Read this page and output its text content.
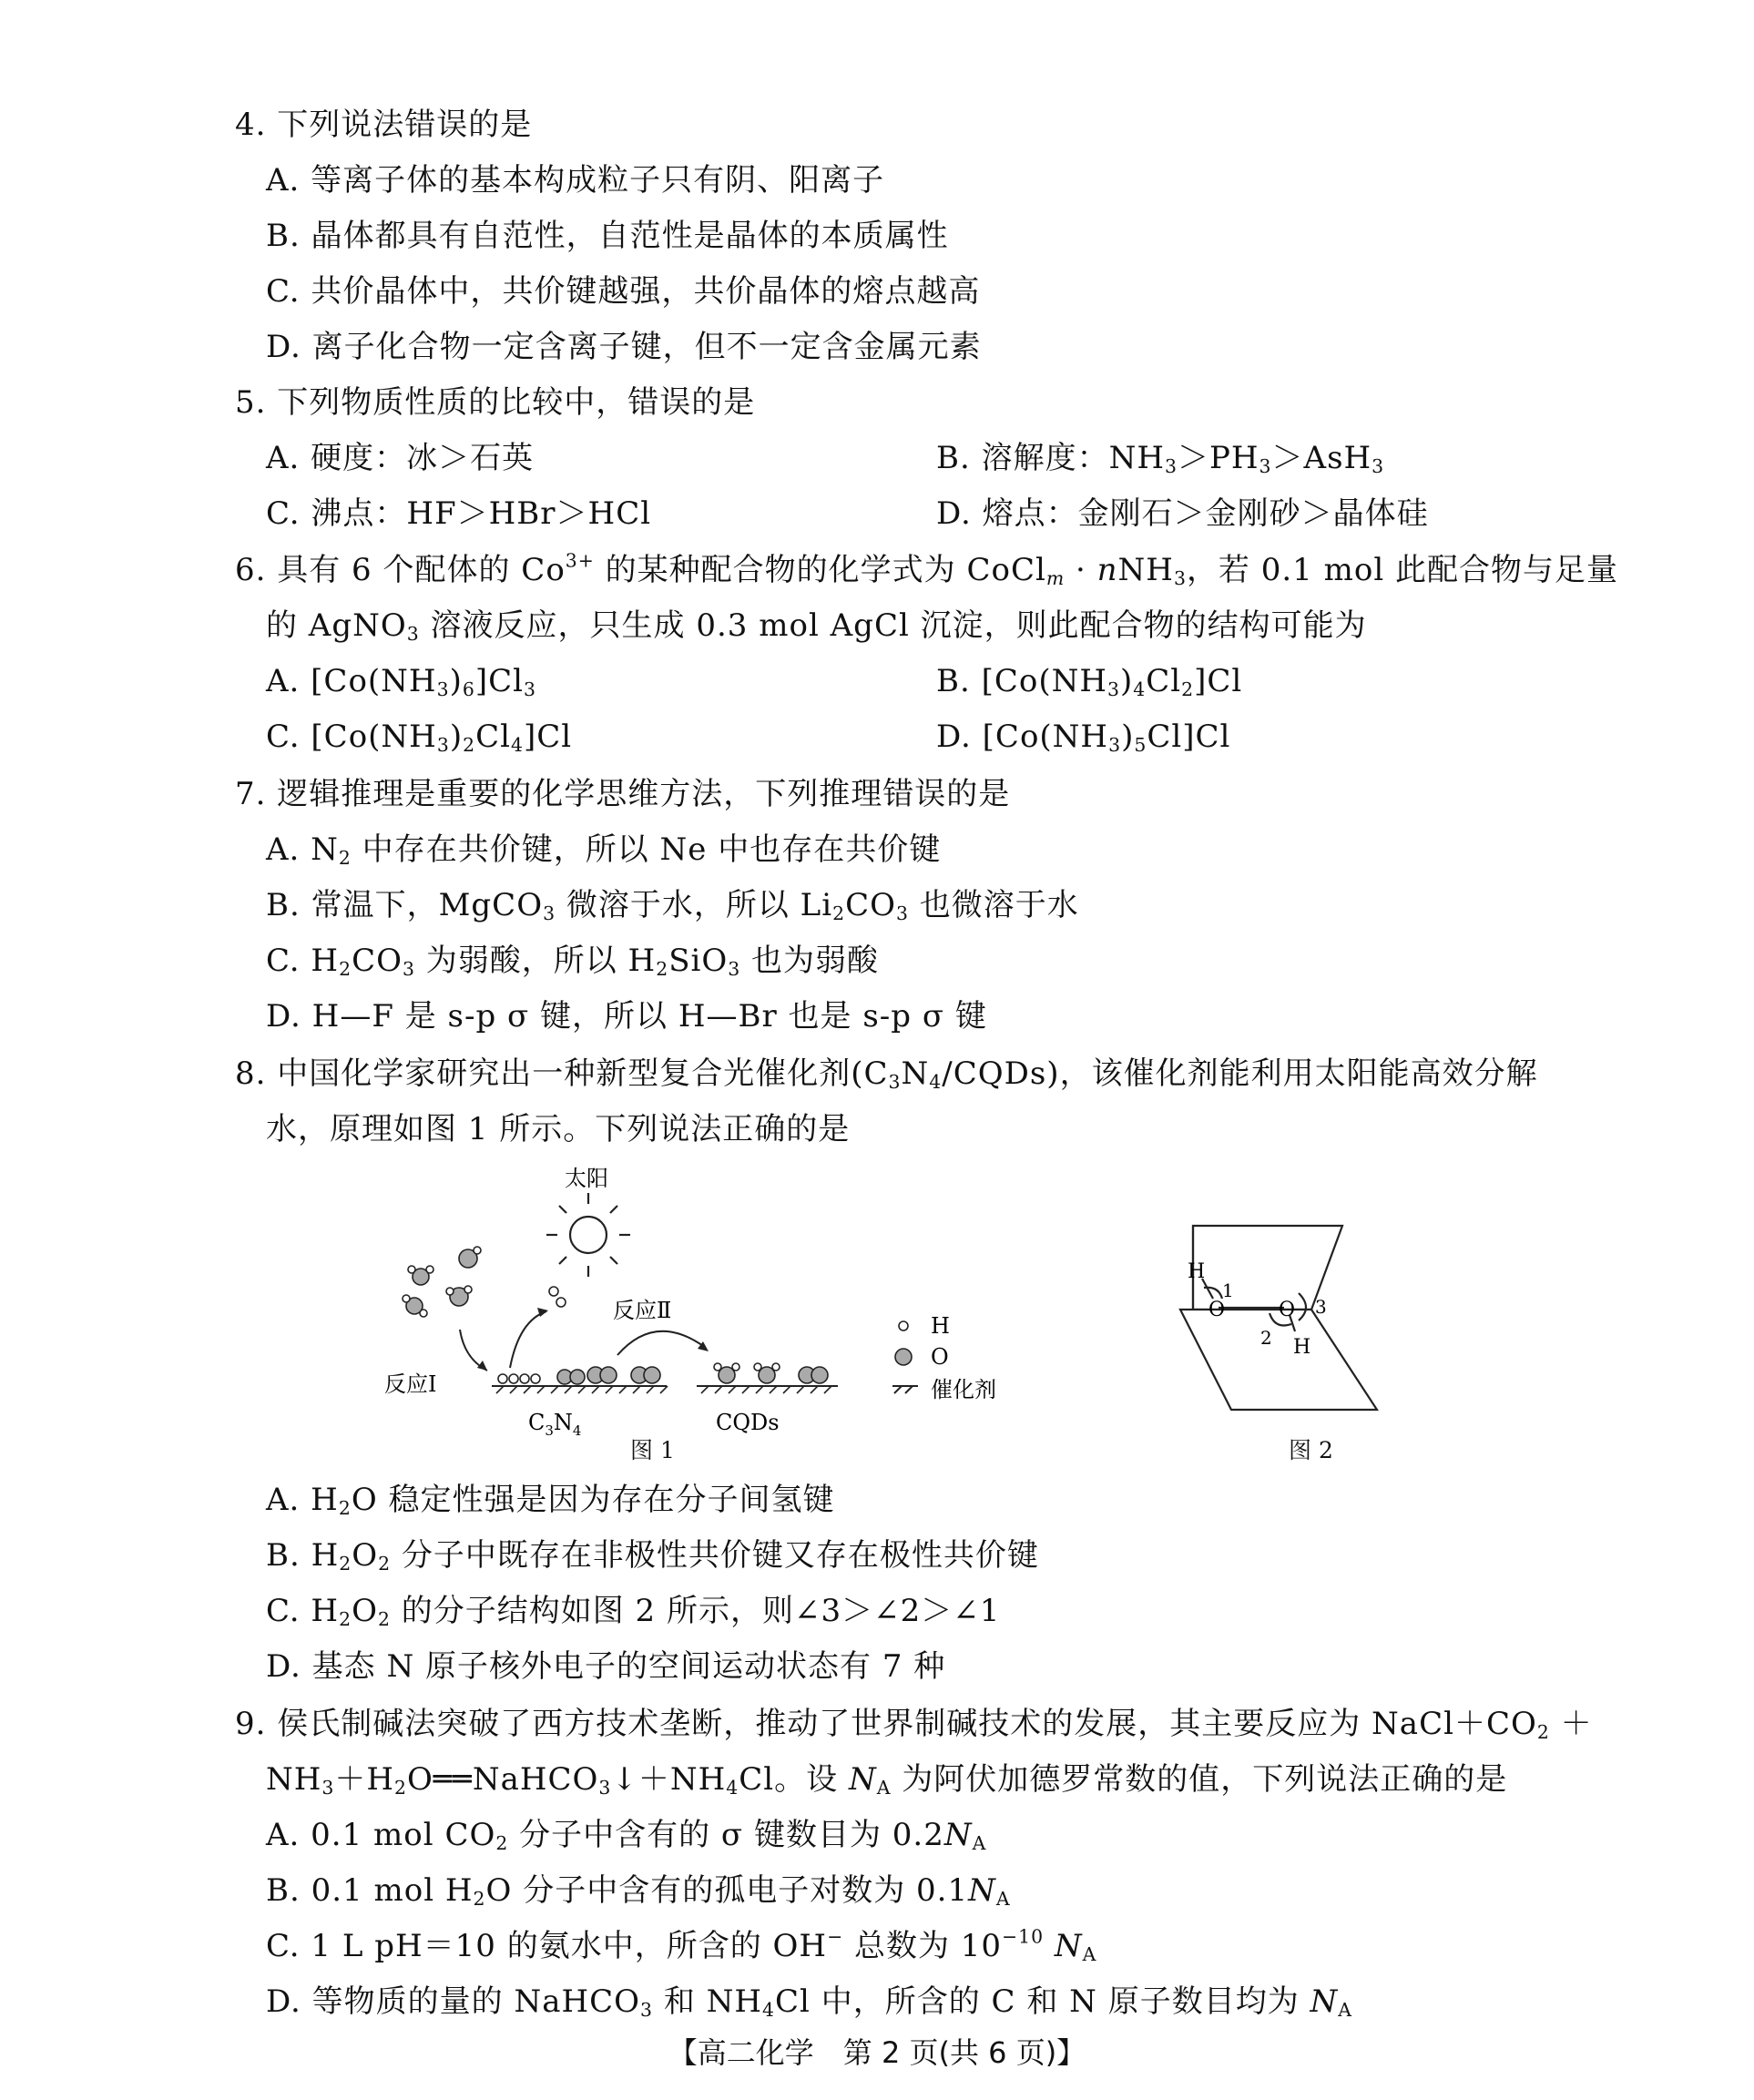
4. 下列说法错误的是
A. 等离子体的基本构成粒子只有阴、阳离子
B. 晶体都具有自范性，自范性是晶体的本质属性
C. 共价晶体中，共价键越强，共价晶体的熔点越高
D. 离子化合物一定含离子键，但不一定含金属元素
5. 下列物质性质的比较中，错误的是
A. 硬度：冰＞石英	B. 溶解度：$NH_3>PH_3>AsH_3$
C. 沸点：HF＞HBr＞HCl	D. 熔点：金刚石＞金刚砂＞晶体硅
6. 具有 6 个配体的 $Co^{3+}$ 的某种配合物的化学式为 CoCl$_m$ · nNH$_3$，若 0.1 mol 此配合物与足量
的 AgNO$_3$ 溶液反应，只生成 0.3 mol AgCl 沉淀，则此配合物的结构可能为
A. $[Co(NH_3)_6]Cl_3$	B. $[Co(NH_3)_4Cl_2]Cl$
C. $[Co(NH_3)_2Cl_4]Cl$	D. $[Co(NH_3)_5Cl]Cl$
7. 逻辑推理是重要的化学思维方法，下列推理错误的是
A. $N_2$ 中存在共价键，所以 Ne 中也存在共价键
B. 常温下，MgCO$_3$ 微溶于水，所以 $Li_2CO_3$ 也微溶于水
C. $H_2CO_3$ 为弱酸，所以 $H_2SiO_3$ 也为弱酸
D. H—F 是 s-p σ 键，所以 H—Br 也是 s-p σ 键
8. 中国化学家研究出一种新型复合光催化剂$(C_3N_4/CQDs)$，该催化剂能利用太阳能高效分解
水，原理如图 1 所示。下列说法正确的是
太阳
反应Ⅱ
反应Ⅰ
$C_3N_4$	CQDs
H
O
催化剂
图 1
H
O	O
H
1
2
3
图 2
A. $H_2O$ 稳定性强是因为存在分子间氢键
B. $H_2O_2$ 分子中既存在非极性共价键又存在极性共价键
C. $H_2O_2$ 的分子结构如图 2 所示，则∠3＞∠2＞∠1
D. 基态 N 原子核外电子的空间运动状态有 7 种
9. 侯氏制碱法突破了西方技术垄断，推动了世界制碱技术的发展，其主要反应为 $NaCl+CO_2$ ＋
$NH_3+H_2O══NaHCO_3↓+NH_4Cl$。设 $N_A$ 为阿伏加德罗常数的值，下列说法正确的是
A. 0.1 mol $CO_2$ 分子中含有的 σ 键数目为 $0.2N_A$
B. 0.1 mol $H_2O$ 分子中含有的孤电子对数为 $0.1N_A$
C. 1 L pH＝10 的氨水中，所含的 OH− 总数为 $10^{-10}$ $N_A$
D. 等物质的量的 NaHCO$_3$ 和 $NH_4Cl$ 中，所含的 C 和 N 原子数目均为 $N_A$
【高二化学　第 2 页(共 6 页)】
